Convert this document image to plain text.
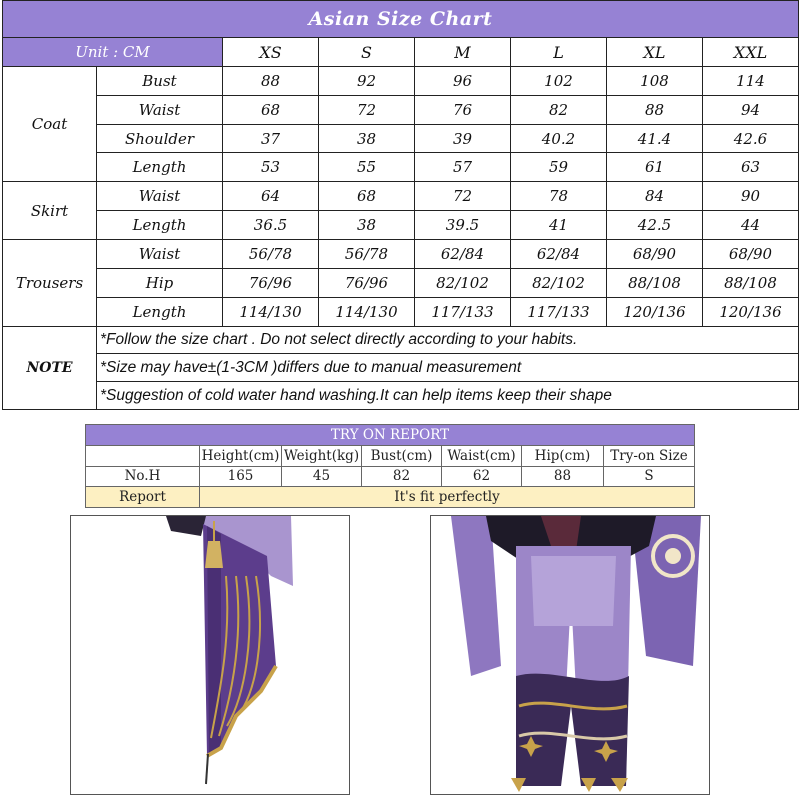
Asian Size Chart							
Unit : CM		XS	S	M	L	XL	XXL
Coat	Bust	88	92	96	102	108	114
	Waist	68	72	76	82	88	94
	Shoulder	37	38	39	40.2	41.4	42.6
	Length	53	55	57	59	61	63
Skirt	Waist	64	68	72	78	84	90
	Length	36.5	38	39.5	41	42.5	44
Trousers	Waist	56/78	56/78	62/84	62/84	68/90	68/90
	Hip	76/96	76/96	82/102	82/102	88/108	88/108
	Length	114/130	114/130	117/133	117/133	120/136	120/136
NOTE	*Follow the size chart . Do not select directly according to your habits.						
	*Size may have±(1-3CM )differs due to manual measurement						
	*Suggestion of cold water hand washing.It can help items keep their shape						
TRY ON REPORT						
	Height(cm)	Weight(kg)	Bust(cm)	Waist(cm)	Hip(cm)	Try-on Size
No.H	165	45	82	62	88	S
Report	It's fit perfectly					
